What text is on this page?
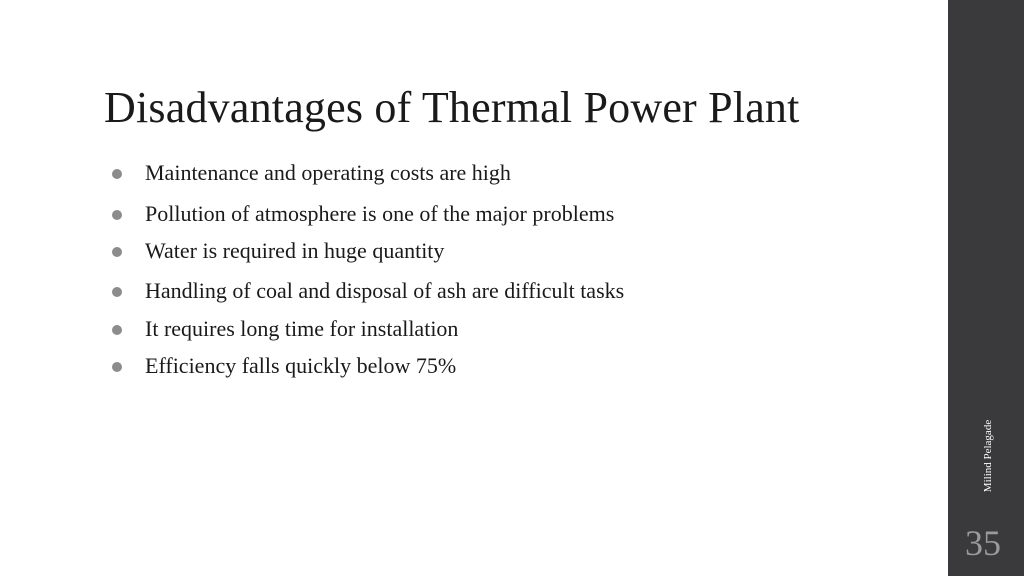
Disadvantages of Thermal Power Plant
Maintenance and operating costs are high
Pollution of atmosphere is one of the major problems
Water is required in huge quantity
Handling of coal and disposal of ash are difficult tasks
It requires long time for installation
Efficiency falls quickly below 75%
Milind Pelagade
35
